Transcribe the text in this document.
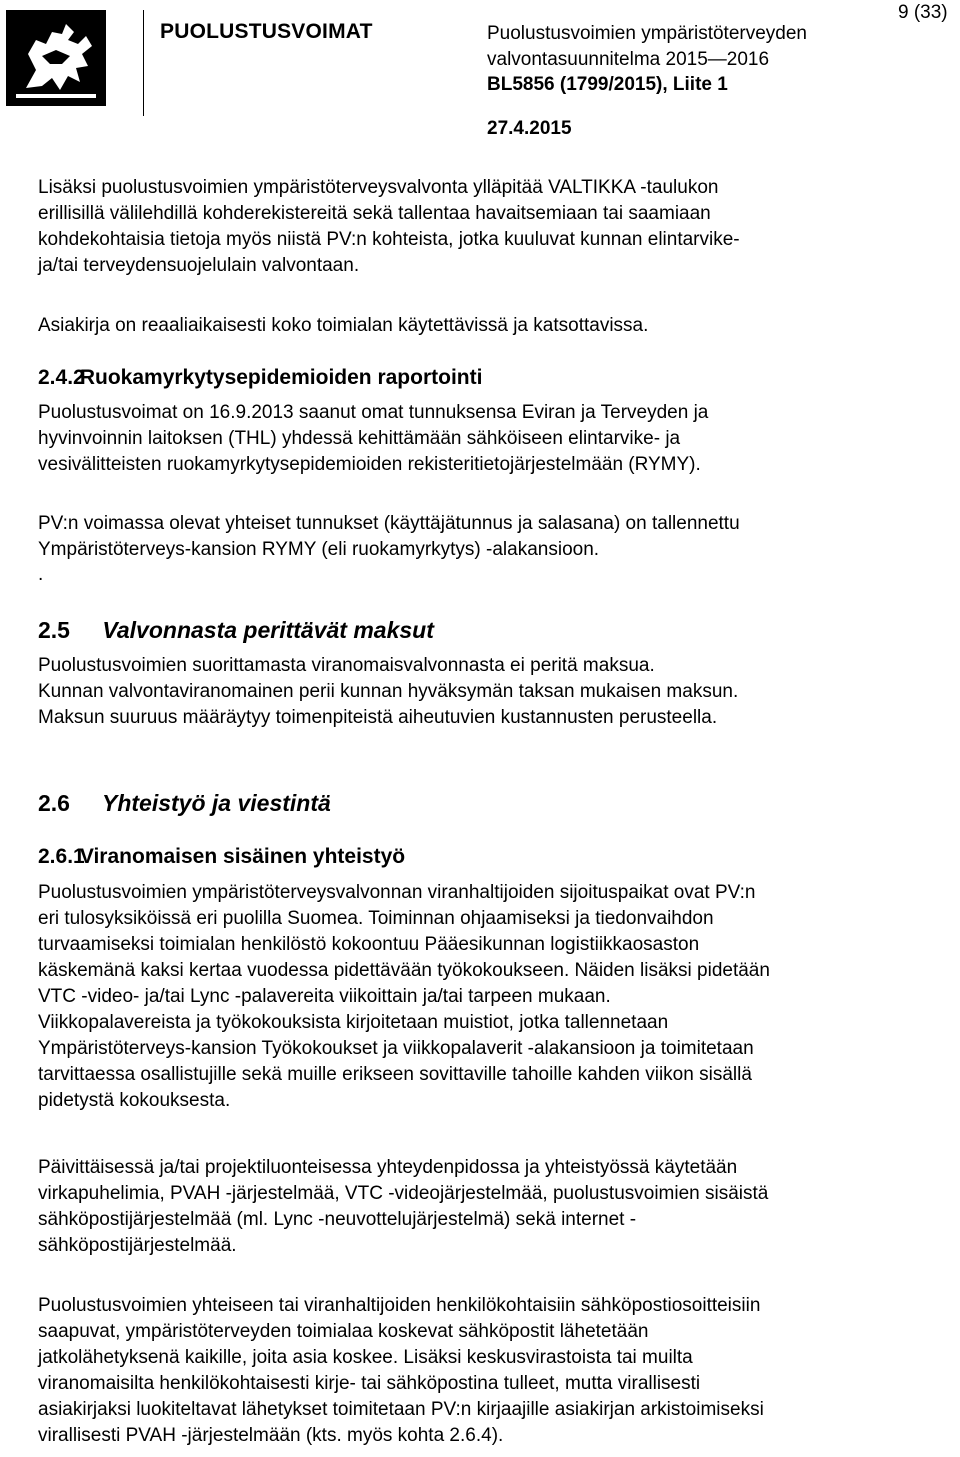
PUOLUSTUSVOIMAT	Puolustusvoimien ympäristöterveyden
valvontasuunnitelma 2015—2016
BL5856 (1799/2015), Liite 1
27.4.2015
9 (33)
Lisäksi puolustusvoimien ympäristöterveysvalvonta ylläpitää VALTIKKA -taulukon
erillisillä välilehdillä kohderekistereitä sekä tallentaa havaitsemiaan tai saamiaan
kohdekohtaisia tietoja myös niistä PV:n kohteista, jotka kuuluvat kunnan elintarvike-
ja/tai terveydensuojelulain valvontaan.
Asiakirja on reaaliaikaisesti koko toimialan käytettävissä ja katsottavissa.
2.4.2 Ruokamyrkytysepidemioiden raportointi
Puolustusvoimat on 16.9.2013 saanut omat tunnuksensa Eviran ja Terveyden ja
hyvinvoinnin laitoksen (THL) yhdessä kehittämään sähköiseen elintarvike- ja
vesivälitteisten ruokamyrkytysepidemioiden rekisteritietojärjestelmään (RYMY).
PV:n voimassa olevat yhteiset tunnukset (käyttäjätunnus ja salasana) on tallennettu
Ympäristöterveys-kansion RYMY (eli ruokamyrkytys) -alakansioon.
.
2.5 Valvonnasta perittävät maksut
Puolustusvoimien suorittamasta viranomaisvalvonnasta ei peritä maksua.
Kunnan valvontaviranomainen perii kunnan hyväksymän taksan mukaisen maksun.
Maksun suuruus määräytyy toimenpiteistä aiheutuvien kustannusten perusteella.
2.6 Yhteistyö ja viestintä
2.6.1 Viranomaisen sisäinen yhteistyö
Puolustusvoimien ympäristöterveysvalvonnan viranhaltijoiden sijoituspaikat ovat PV:n
eri tulosyksiköissä eri puolilla Suomea. Toiminnan ohjaamiseksi ja tiedonvaihdon
turvaamiseksi toimialan henkilöstö kokoontuu Pääesikunnan logistiikkaosaston
käskemänä kaksi kertaa vuodessa pidettävään työkokoukseen. Näiden lisäksi pidetään
VTC -video- ja/tai Lync -palavereita viikoittain ja/tai tarpeen mukaan.
Viikkopalavereista ja työkokouksista kirjoitetaan muistiot, jotka tallennetaan
Ympäristöterveys-kansion Työkokoukset ja viikkopalaverit -alakansioon ja toimitetaan
tarvittaessa osallistujille sekä muille erikseen sovittaville tahoille kahden viikon sisällä
pidetystä kokouksesta.
Päivittäisessä ja/tai projektiluonteisessa yhteydenpidossa ja yhteistyössä käytetään
virkapuhelimia, PVAH -järjestelmää, VTC -videojärjestelmää, puolustusvoimien sisäistä
sähköpostijärjestelmää (ml. Lync -neuvottelujärjestelmä) sekä internet -
sähköpostijärjestelmää.
Puolustusvoimien yhteiseen tai viranhaltijoiden henkilökohtaisiin sähköpostiosoitteisiin
saapuvat, ympäristöterveyden toimialaa koskevat sähköpostit lähetetään
jatkolähetyksenä kaikille, joita asia koskee. Lisäksi keskusvirastoista tai muilta
viranomaisilta henkilökohtaisesti kirje- tai sähköpostina tulleet, mutta virallisesti
asiakirjaksi luokiteltavat lähetykset toimitetaan PV:n kirjaajille asiakirjan arkistoimiseksi
virallisesti PVAH -järjestelmään (kts. myös kohta 2.6.4).
